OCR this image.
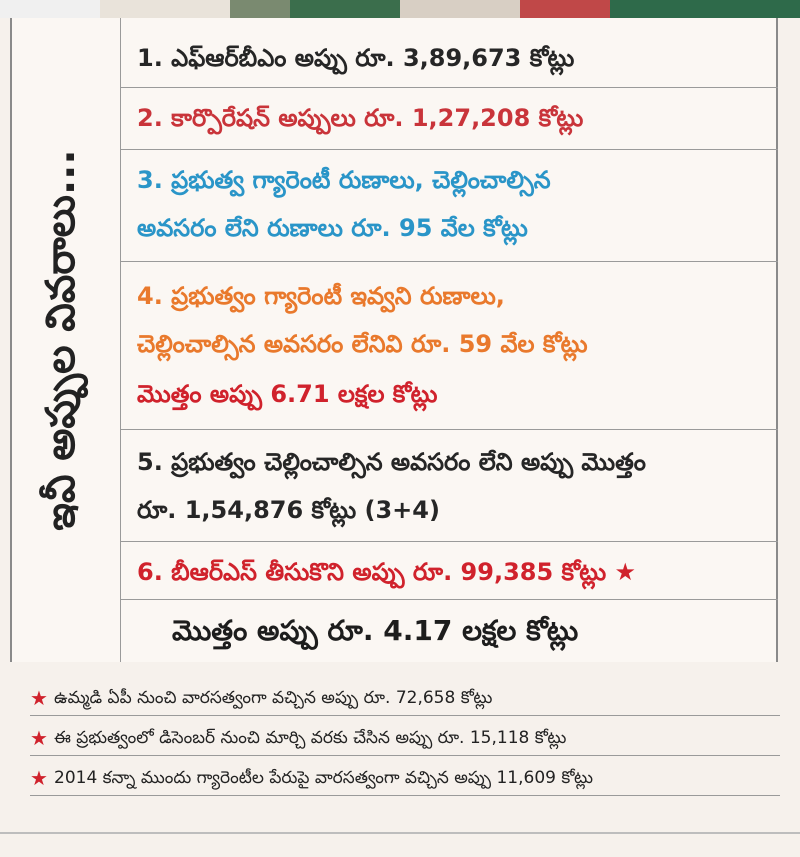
ఇవీ అప్పుల వివరాలు...
1. ఎఫ్‌ఆర్‌బీఎం అప్పు రూ. 3,89,673 కోట్లు
2. కార్పొరేషన్‌ అప్పులు రూ. 1,27,208 కోట్లు
3. ప్రభుత్వ గ్యారెంటీ రుణాలు, చెల్లించాల్సిన
అవసరం లేని రుణాలు రూ. 95 వేల కోట్లు
4. ప్రభుత్వం గ్యారెంటీ ఇవ్వని రుణాలు,
చెల్లించాల్సిన అవసరం లేనివి రూ. 59 వేల కోట్లు
మొత్తం అప్పు 6.71 లక్షల కోట్లు
5. ప్రభుత్వం చెల్లించాల్సిన అవసరం లేని అప్పు మొత్తం
రూ. 1,54,876 కోట్లు (3+4)
6. బీఆర్‌ఎస్‌ తీసుకొని అప్పు రూ. 99,385 కోట్లు ★
మొత్తం అప్పు రూ. 4.17 లక్షల కోట్లు
★ ఉమ్మడి ఏపీ నుంచి వారసత్వంగా వచ్చిన అప్పు రూ. 72,658 కోట్లు
★ ఈ ప్రభుత్వంలో డిసెంబర్‌ నుంచి మార్చి వరకు చేసిన అప్పు రూ. 15,118 కోట్లు
★ 2014 కన్నా ముందు గ్యారెంటీల పేరుపై వారసత్వంగా వచ్చిన అప్పు 11,609 కోట్లు
